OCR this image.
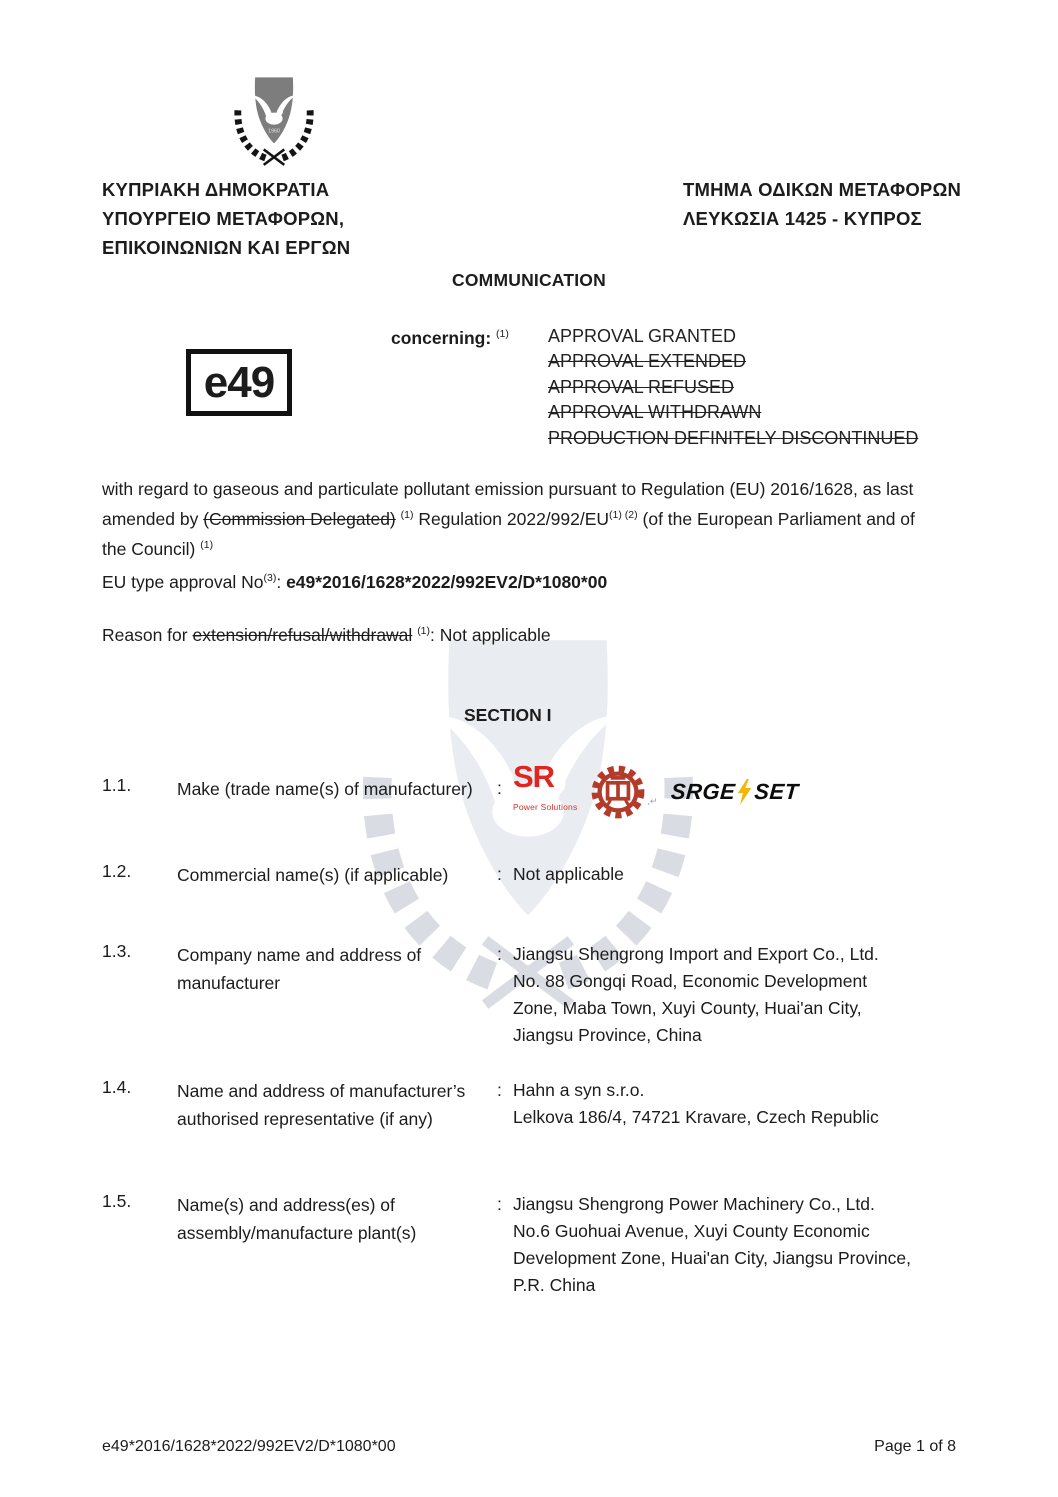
1960
ΚΥΠΡΙΑΚΗ ΔΗΜΟΚΡΑΤΙΑ
ΥΠΟΥΡΓΕΙΟ ΜΕΤΑΦΟΡΩΝ,
ΕΠΙΚΟΙΝΩΝΙΩΝ ΚΑΙ ΕΡΓΩΝ
ΤΜΗΜΑ ΟΔΙΚΩΝ ΜΕΤΑΦΟΡΩΝ
ΛΕΥΚΩΣΙΑ 1425 - ΚΥΠΡΟΣ
COMMUNICATION
e49
concerning: $^{(1)}$ APPROVAL GRANTED
APPROVAL EXTENDED
APPROVAL REFUSED
APPROVAL WITHDRAWN
PRODUCTION DEFINITELY DISCONTINUED
with regard to gaseous and particulate pollutant emission pursuant to Regulation (EU) 2016/1628, as last
amended by (Commission Delegated) $^{(1)}$ Regulation $2022/992/EU^{(1) (2)}$ (of the European Parliament and of
the Council) $^{(1)}$
EU type approval No$^{(3)}$: e49*2016/1628*2022/992EV2/D*1080*00
Reason for extension/refusal/withdrawal $^{(1)}$: Not applicable
SECTION I
1.1.	Make (trade name(s) of manufacturer)	: SR
Power Solutions
,↵ SRGE SET
1.2.	Commercial name(s) (if applicable)	: Not applicable
1.3.	Company name and address of
manufacturer
: Jiangsu Shengrong Import and Export Co., Ltd.
No. 88 Gongqi Road, Economic Development
Zone, Maba Town, Xuyi County, Huai'an City,
Jiangsu Province, China
1.4.	Name and address of manufacturer’s
authorised representative (if any)
: Hahn a syn s.r.o.
Lelkova 186/4, 74721 Kravare, Czech Republic
1.5.	Name(s) and address(es) of
assembly/manufacture plant(s)
: Jiangsu Shengrong Power Machinery Co., Ltd.
No.6 Guohuai Avenue, Xuyi County Economic
Development Zone, Huai'an City, Jiangsu Province,
P.R. China
e49*2016/1628*2022/992EV2/D*1080*00	Page 1 of 8
